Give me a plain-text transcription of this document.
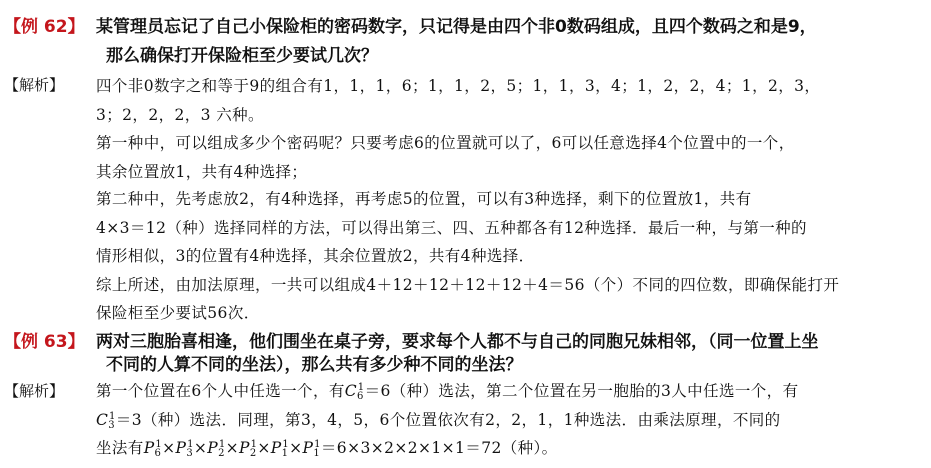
【例 62】 某管理员忘记了自己小保险柜的密码数字，只记得是由四个非0数码组成，且四个数码之和是9，
那么确保打开保险柜至少要试几次？
【解析】 四个非0数字之和等于9的组合有1，1，1，6；1，1，2，5；1，1，3，4；1，2，2，4；1，2，3，
3；2，2，2，3 六种。
第一种中，可以组成多少个密码呢？只要考虑6的位置就可以了，6可以任意选择4个位置中的一个，
其余位置放1，共有4种选择；
第二种中，先考虑放2，有4种选择，再考虑5的位置，可以有3种选择，剩下的位置放1，共有
4×3＝12（种）选择同样的方法，可以得出第三、四、五种都各有12种选择．最后一种，与第一种的
情形相似，3的位置有4种选择，其余位置放2，共有4种选择．
综上所述，由加法原理，一共可以组成4＋12＋12＋12＋12＋4＝56（个）不同的四位数，即确保能打开
保险柜至少要试56次．
【例 63】 两对三胞胎喜相逢，他们围坐在桌子旁，要求每个人都不与自己的同胞兄妹相邻，（同一位置上坐
不同的人算不同的坐法），那么共有多少种不同的坐法？
【解析】 第一个位置在6个人中任选一个，有$C_6^1=6$（种）选法，第二个位置在另一胞胎的3人中任选一个，有
$C_3^1=3$（种）选法．同理，第3，4，5，6个位置依次有2，2，1，1种选法．由乘法原理，不同的
坐法有$P_6^1\times P_3^1\times P_2^1\times P_2^1\times P_1^1\times P_1^1=6\times 3\times 2\times 2\times 1\times 1=72$（种）。
